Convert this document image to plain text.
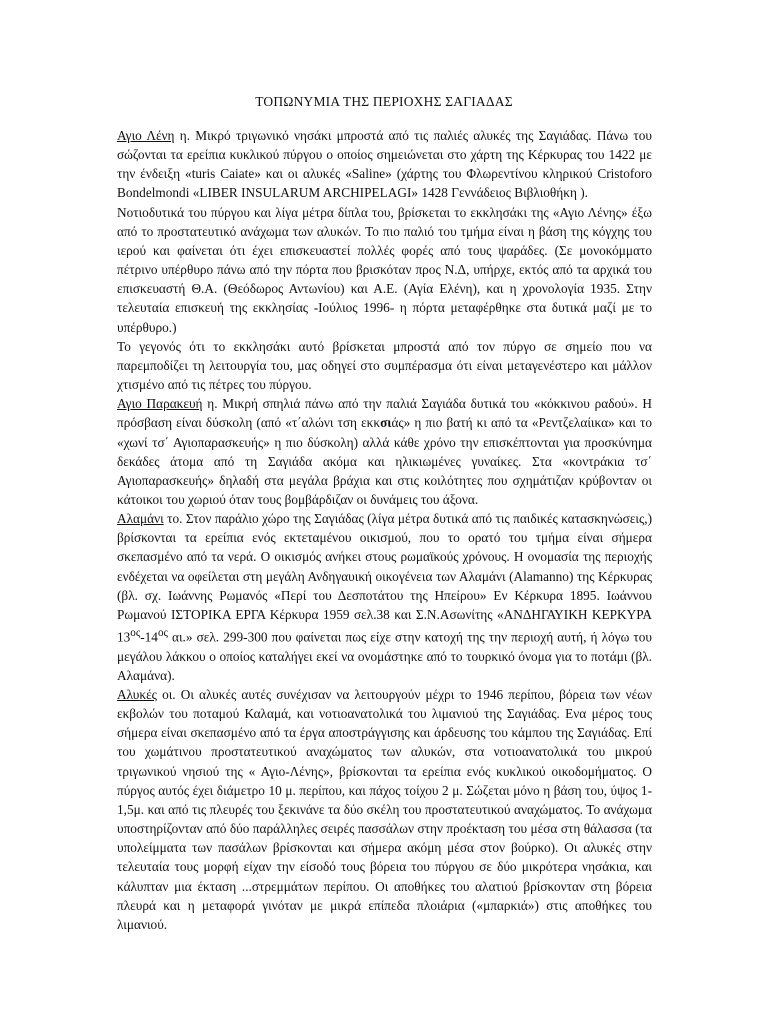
ΤΟΠΩΝΥΜΙΑ ΤΗΣ ΠΕΡΙΟΧΗΣ ΣΑΓΙΑΔΑΣ

Αγιο Λένη η. Μικρό τριγωνικό νησάκι μπροστά από τις παλιές αλυκές της Σαγιάδας. Πάνω του σώζονται τα ερείπια κυκλικού πύργου ο οποίος σημειώνεται στο χάρτη της Κέρκυρας του 1422 με την ένδειξη «turis Caiate» και οι αλυκές «Saline» (χάρτης του Φλωρεντίνου κληρικού Cristoforo Bondelmondi «LIBER INSULARUM ARCHIPELAGI» 1428 Γεννάδειος Βιβλιοθήκη ).

Νοτιοδυτικά του πύργου και λίγα μέτρα δίπλα του, βρίσκεται το εκκλησάκι της «Αγιο Λένης» έξω από το προστατευτικό ανάχωμα των αλυκών. Το πιο παλιό του τμήμα είναι η βάση της κόγχης του ιερού και φαίνεται ότι έχει επισκευαστεί πολλές φορές από τους ψαράδες. (Σε μονοκόμματο πέτρινο υπέρθυρο πάνω από την πόρτα που βρισκόταν προς Ν.Δ, υπήρχε, εκτός από τα αρχικά του επισκευαστή Θ.Α. (Θεόδωρος Αντωνίου) και Α.Ε. (Αγία Ελένη), και η χρονολογία 1935. Στην τελευταία επισκευή της εκκλησίας -Ιούλιος 1996- η πόρτα μεταφέρθηκε στα δυτικά μαζί με το υπέρθυρο.)

Το γεγονός ότι το εκκλησάκι αυτό βρίσκεται μπροστά από τον πύργο σε σημείο που να παρεμποδίζει τη λειτουργία του, μας οδηγεί στο συμπέρασμα ότι είναι μεταγενέστερο και μάλλον χτισμένο από τις πέτρες του πύργου.

Αγιο Παρακευή η. Μικρή σπηλιά πάνω από την παλιά Σαγιάδα δυτικά του «κόκκινου ραδού». Η πρόσβαση είναι δύσκολη (από «τ΄αλώνι τση εκκσιάς» η πιο βατή κι από τα «Ρεντζελαίικα» και το «χωνί τσ΄ Αγιοπαρασκευής» η πιο δύσκολη) αλλά κάθε χρόνο την επισκέπτονται για προσκύνημα δεκάδες άτομα από τη Σαγιάδα ακόμα και ηλικιωμένες γυναίκες. Στα «κοντράκια τσ΄ Αγιοπαρασκευής» δηλαδή στα μεγάλα βράχια και στις κοιλότητες που σχημάτιζαν κρύβονταν οι κάτοικοι του χωριού όταν τους βομβάρδιζαν οι δυνάμεις του άξονα.

Αλαμάνι το. Στον παράλιο χώρο της Σαγιάδας (λίγα μέτρα δυτικά από τις παιδικές κατασκηνώσεις,) βρίσκονται τα ερείπια ενός εκτεταμένου οικισμού, που το ορατό του τμήμα είναι σήμερα σκεπασμένο από τα νερά. Ο οικισμός ανήκει στους ρωμαϊκούς χρόνους. Η ονομασία της περιοχής ενδέχεται να οφείλεται στη μεγάλη Ανδηγαυική οικογένεια των Αλαμάνι (Alamanno) της Κέρκυρας (βλ. σχ. Ιωάννης Ρωμανός «Περί του Δεσποτάτου της Ηπείρου» Εν Κέρκυρα 1895. Ιωάννου Ρωμανού ΙΣΤΟΡΙΚΑ ΕΡΓΑ Κέρκυρα 1959 σελ.38 και Σ.Ν.Ασωνίτης «ΑΝΔΗΓΑΥΙΚΗ ΚΕΡΚΥΡΑ $13^{o\varsigma}-14^{o\varsigma}$ αι.» σελ. 299-300 που φαίνεται πως είχε στην κατοχή της την περιοχή αυτή, ή λόγω του μεγάλου λάκκου ο οποίος καταλήγει εκεί να ονομάστηκε από το τουρκικό όνομα για το ποτάμι (βλ. Αλαμάνα).

Αλυκές οι. Οι αλυκές αυτές συνέχισαν να λειτουργούν μέχρι το 1946 περίπου, βόρεια των νέων εκβολών του ποταμού Καλαμά, και νοτιοανατολικά του λιμανιού της Σαγιάδας. Ενα μέρος τους σήμερα είναι σκεπασμένο από τα έργα αποστράγγισης και άρδευσης του κάμπου της Σαγιάδας. Επί του χωμάτινου προστατευτικού αναχώματος των αλυκών, στα νοτιοανατολικά του μικρού τριγωνικού νησιού της « Αγιο-Λένης», βρίσκονται τα ερείπια ενός κυκλικού οικοδομήματος. Ο πύργος αυτός έχει διάμετρο 10 μ. περίπου, και πάχος τοίχου 2 μ. Σώζεται μόνο η βάση του, ύψος 1-1,5μ. και από τις πλευρές του ξεκινάνε τα δύο σκέλη του προστατευτικού αναχώματος. Το ανάχωμα υποστηρίζονταν από δύο παράλληλες σειρές πασσάλων στην προέκταση του μέσα στη θάλασσα (τα υπολείμματα των πασάλων βρίσκονται και σήμερα ακόμη μέσα στον βούρκο). Οι αλυκές στην τελευταία τους μορφή είχαν την είσοδό τους βόρεια του πύργου σε δύο μικρότερα νησάκια, και κάλυπταν μια έκταση ...στρεμμάτων περίπου. Οι αποθήκες του αλατιού βρίσκονταν στη βόρεια πλευρά και η μεταφορά γινόταν με μικρά επίπεδα πλοιάρια («μπαρκιά») στις αποθήκες του λιμανιού.
